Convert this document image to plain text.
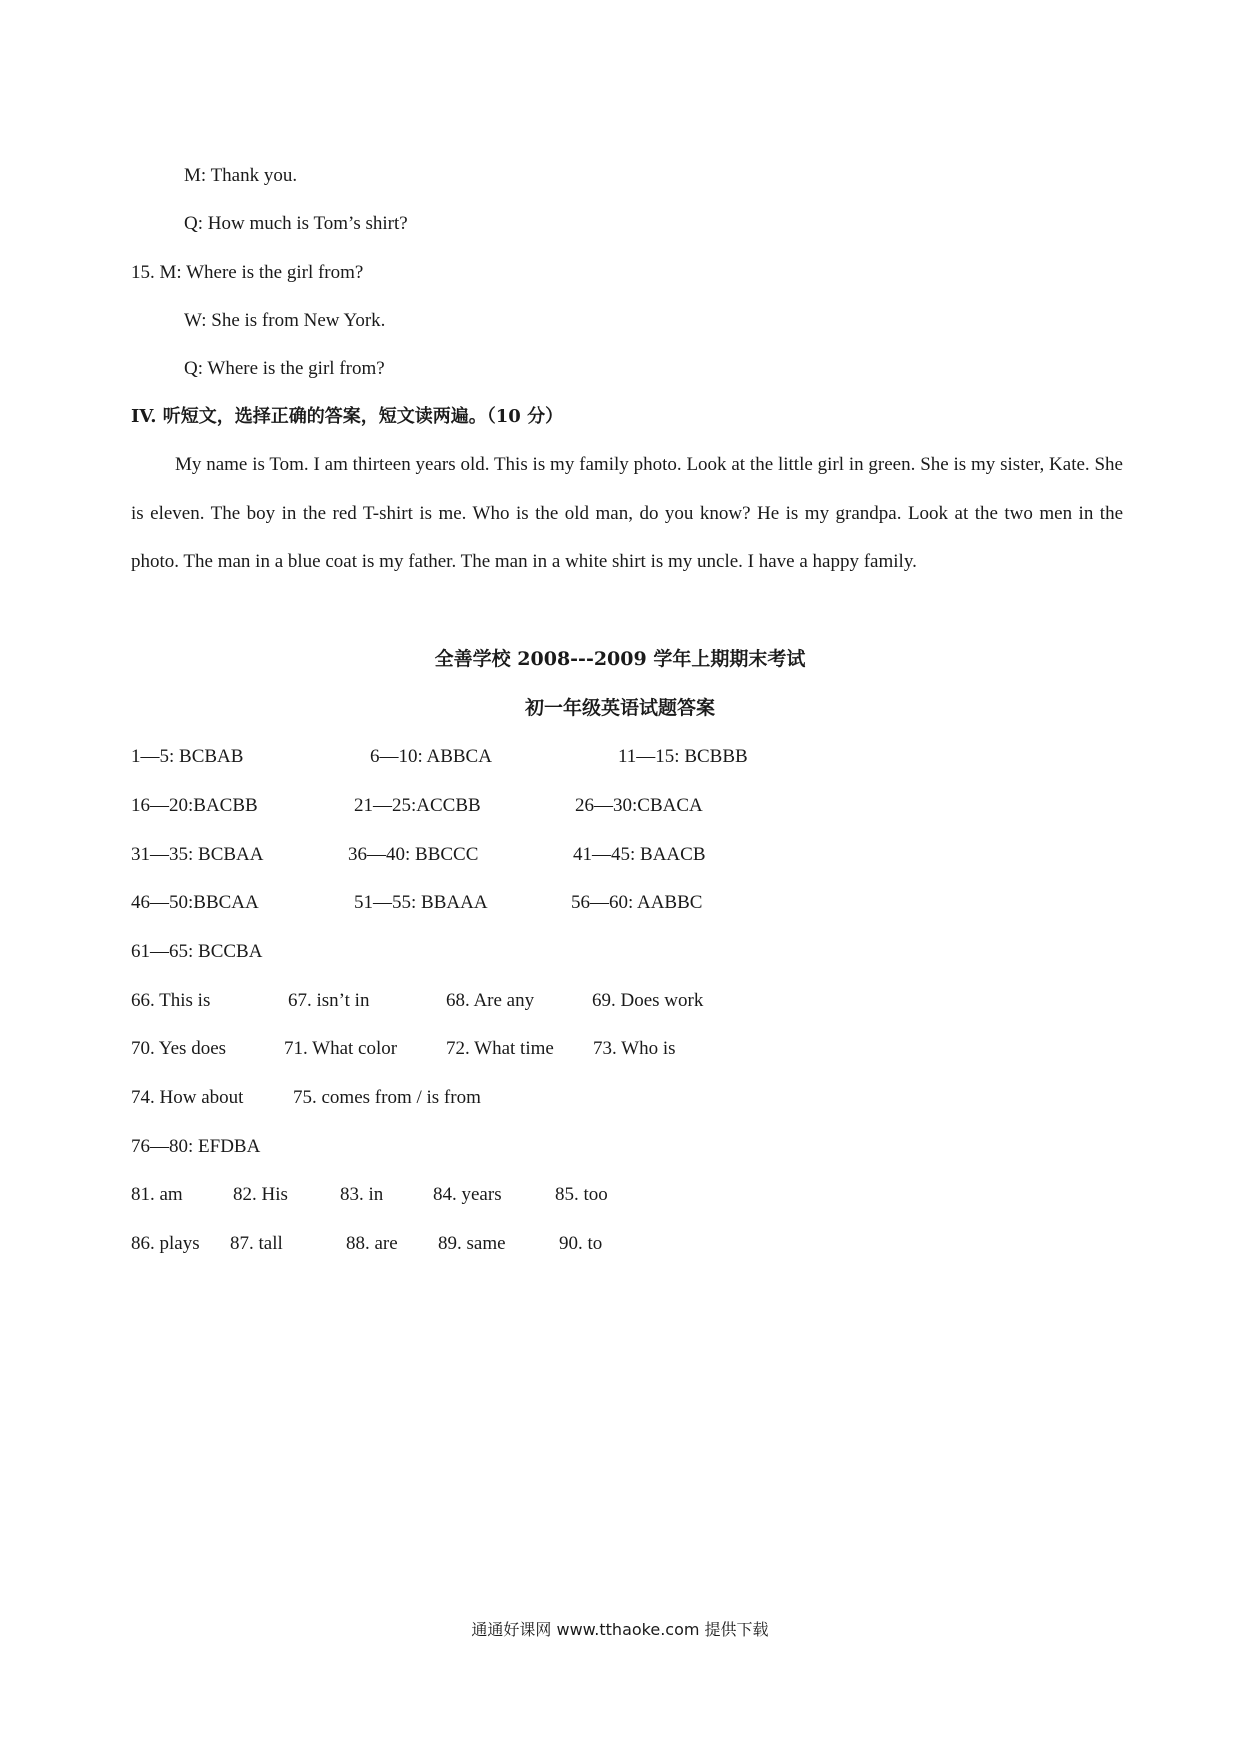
M: Thank you.
Q: How much is Tom’s shirt?
15. M: Where is the girl from?
W: She is from New York.
Q: Where is the girl from?
IV. 听短文，选择正确的答案，短文读两遍。（10 分）
My name is Tom. I am thirteen years old. This is my family photo. Look at the little girl in green. She is my sister, Kate. She is eleven. The boy in the red T-shirt is me. Who is the old man, do you know? He is my grandpa. Look at the two men in the photo. The man in a blue coat is my father. The man in a white shirt is my uncle. I have a happy family.
全善学校 2008---2009 学年上期期末考试
初一年级英语试题答案
1—5: BCBAB	6—10: ABBCA	11—15: BCBBB
16—20:BACBB	21—25:ACCBB	26—30:CBACA
31—35: BCBAA	36—40: BBCCC	41—45: BAACB
46—50:BBCAA	51—55: BBAAA	56—60: AABBC
61—65: BCCBA
66. This is	67. isn’t in	68. Are any	69. Does work
70. Yes does	71. What color	72. What time 73. Who is
74. How about	75. comes from / is from
76—80: EFDBA
81. am	82. His	83. in	84. years	85. too
86. plays 87. tall	88. are 89. same	90. to
通通好课网 www.tthaoke.com 提供下载
